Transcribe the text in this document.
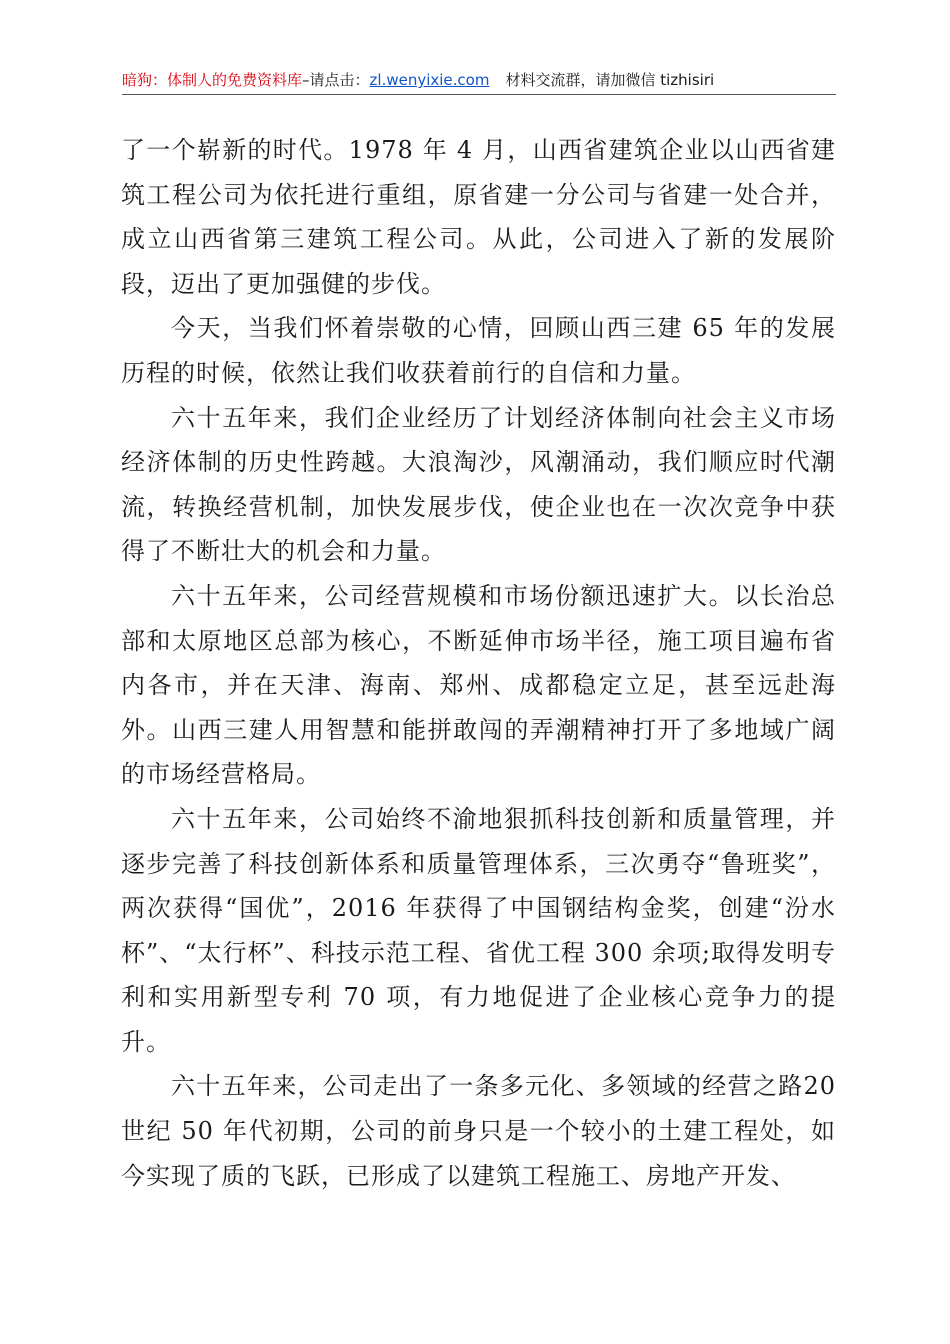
暗狗：体制人的免费资料库–请点击：zl.wenyixie.com 材料交流群，请加微信 tizhisiri

了一个崭新的时代。1978 年 4 月，山西省建筑企业以山西省建筑工程公司为依托进行重组，原省建一分公司与省建一处合并，成立山西省第三建筑工程公司。从此，公司进入了新的发展阶段，迈出了更加强健的步伐。

今天，当我们怀着崇敬的心情，回顾山西三建 65 年的发展历程的时候，依然让我们收获着前行的自信和力量。

六十五年来，我们企业经历了计划经济体制向社会主义市场经济体制的历史性跨越。大浪淘沙，风潮涌动，我们顺应时代潮流，转换经营机制，加快发展步伐，使企业也在一次次竞争中获得了不断壮大的机会和力量。

六十五年来，公司经营规模和市场份额迅速扩大。以长治总部和太原地区总部为核心，不断延伸市场半径，施工项目遍布省内各市，并在天津、海南、郑州、成都稳定立足，甚至远赴海外。山西三建人用智慧和能拼敢闯的弄潮精神打开了多地域广阔的市场经营格局。

六十五年来，公司始终不渝地狠抓科技创新和质量管理，并逐步完善了科技创新体系和质量管理体系，三次勇夺“鲁班奖”，两次获得“国优”，2016 年获得了中国钢结构金奖，创建“汾水杯”、“太行杯”、科技示范工程、省优工程 300 余项;取得发明专利和实用新型专利 70 项，有力地促进了企业核心竞争力的提升。

六十五年来，公司走出了一条多元化、多领域的经营之路20 世纪 50 年代初期，公司的前身只是一个较小的土建工程处，如今实现了质的飞跃，已形成了以建筑工程施工、房地产开发、
